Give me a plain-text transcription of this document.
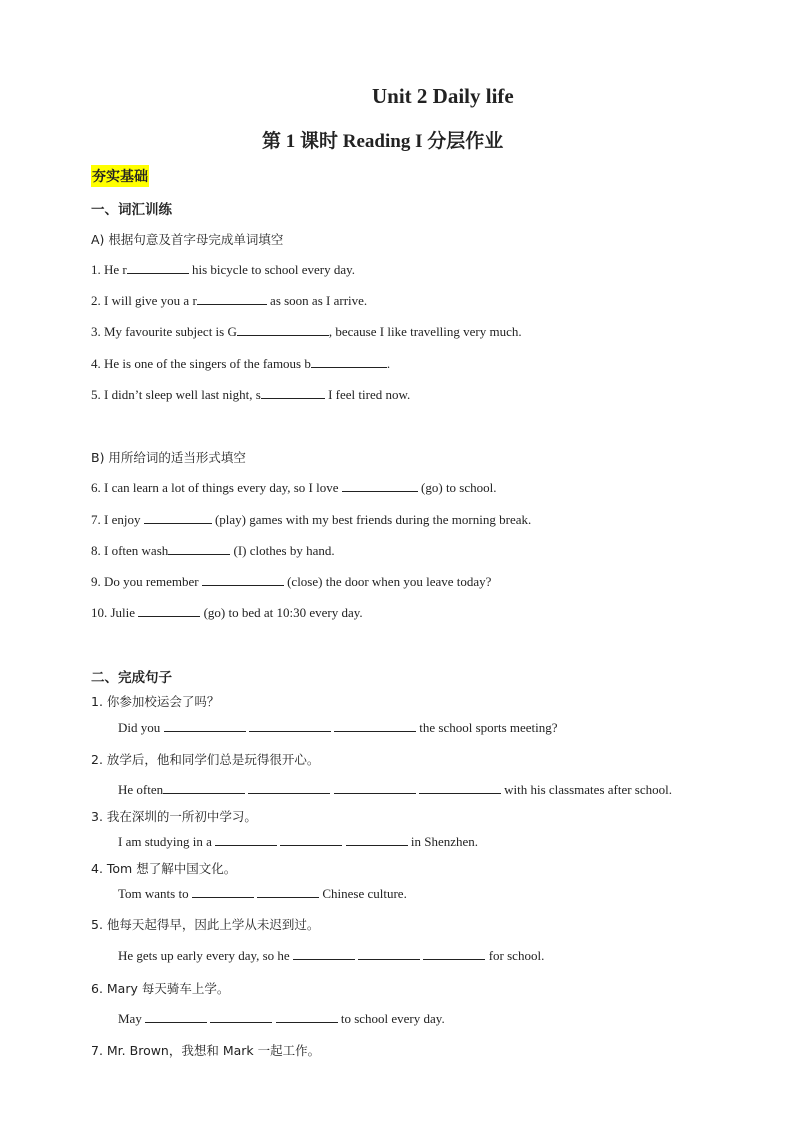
Unit 2 Daily life
第 1 课时 Reading I 分层作业
夯实基础
一、词汇训练
A) 根据句意及首字母完成单词填空
1. He r	his bicycle to school every day.
2. I will give you a r	as soon as I arrive.
3. My favourite subject is G	, because I like travelling very much.
4. He is one of the singers of the famous b	.
5. I didn’t sleep well last night, s	I feel tired now.
B) 用所给词的适当形式填空
6. I can learn a lot of things every day, so I love	(go) to school.
7. I enjoy	(play) games with my best friends during the morning break.
8. I often wash	(I) clothes by hand.
9. Do you remember	(close) the door when you leave today?
10. Julie	(go) to bed at 10:30 every day.
二、完成句子
1. 你参加校运会了吗？
Did you	the school sports meeting?
2. 放学后，他和同学们总是玩得很开心。
He often	with his classmates after school.
3. 我在深圳的一所初中学习。
I am studying in a	in Shenzhen.
4. Tom 想了解中国文化。
Tom wants to	Chinese culture.
5. 他每天起得早，因此上学从未迟到过。
He gets up early every day, so he	for school.
6. Mary 每天骑车上学。
May	to school every day.
7. Mr. Brown，我想和 Mark 一起工作。
